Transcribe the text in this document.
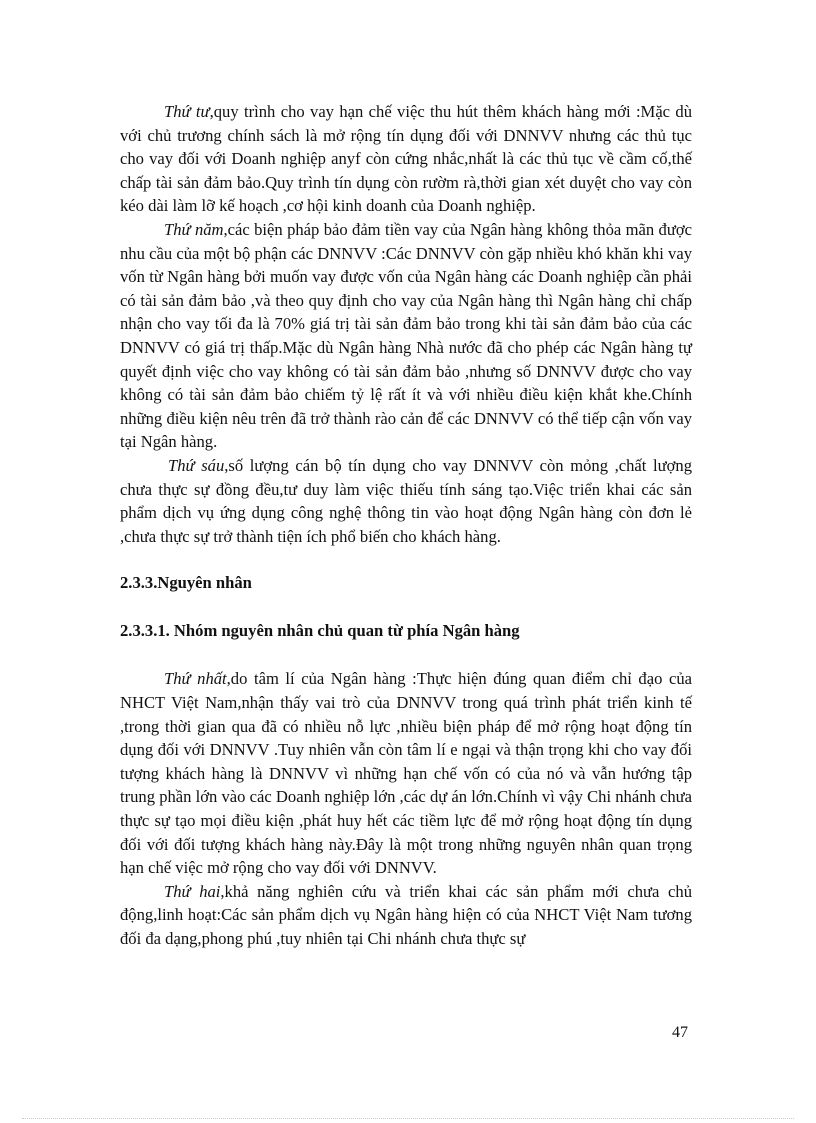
Thứ tư,quy trình cho vay hạn chế việc thu hút thêm khách hàng mới :Mặc dù với chủ trương chính sách là mở rộng tín dụng đối với DNNVV nhưng các thủ tục cho vay đối với Doanh nghiệp anyf còn cứng nhắc,nhất là các thủ tục về cầm cố,thế chấp tài sản đảm bảo.Quy trình tín dụng còn rườm rà,thời gian xét duyệt cho vay còn kéo dài làm lỡ kế hoạch ,cơ hội kinh doanh của Doanh nghiệp.

Thứ năm,các biện pháp bảo đảm tiền vay của Ngân hàng không thỏa mãn được nhu cầu của một bộ phận các DNNVV :Các DNNVV còn gặp nhiều khó khăn khi vay vốn từ Ngân hàng bởi muốn vay được vốn của Ngân hàng các Doanh nghiệp cần phải có tài sản đảm bảo ,và theo quy định cho vay của Ngân hàng thì Ngân hàng chỉ chấp nhận cho vay tối đa là 70% giá trị tài sản đảm bảo trong khi tài sản đảm bảo của các DNNVV có giá trị thấp.Mặc dù Ngân hàng Nhà nước đã cho phép các Ngân hàng tự quyết định việc cho vay không có tài sản đảm bảo ,nhưng số DNNVV được cho vay không có tài sản đảm bảo chiếm tỷ lệ rất ít và với nhiều điều kiện khắt khe.Chính những điều kiện nêu trên đã trở thành rào cản để các DNNVV có thể tiếp cận vốn vay tại Ngân hàng.

Thứ sáu,số lượng cán bộ tín dụng cho vay DNNVV còn mỏng ,chất lượng chưa thực sự đồng đều,tư duy làm việc thiếu tính sáng tạo.Việc triển khai các sản phẩm dịch vụ ứng dụng công nghệ thông tin vào hoạt động Ngân hàng còn đơn lẻ ,chưa thực sự trở thành tiện ích phổ biến cho khách hàng.

2.3.3.Nguyên nhân
2.3.3.1. Nhóm nguyên nhân chủ quan từ phía Ngân hàng

Thứ nhất,do tâm lí của Ngân hàng :Thực hiện đúng quan điểm chỉ đạo của NHCT Việt Nam,nhận thấy vai trò của DNNVV trong quá trình phát triển kinh tế ,trong thời gian qua đã có nhiều nỗ lực ,nhiều biện pháp để mở rộng hoạt động tín dụng đối với DNNVV .Tuy nhiên vẫn còn tâm lí e ngại và thận trọng khi cho vay đối tượng khách hàng là DNNVV vì những hạn chế vốn có của nó và vẫn hướng tập trung phần lớn vào các Doanh nghiệp lớn ,các dự án lớn.Chính vì vậy Chi nhánh chưa thực sự tạo mọi điều kiện ,phát huy hết các tiềm lực để mở rộng hoạt động tín dụng đối với đối tượng khách hàng này.Đây là một trong những nguyên nhân quan trọng hạn chế việc mở rộng cho vay đối với DNNVV.

Thứ hai,khả năng nghiên cứu và triển khai các sản phẩm mới chưa chủ động,linh hoạt:Các sản phẩm dịch vụ Ngân hàng hiện có của NHCT Việt Nam tương đối đa dạng,phong phú ,tuy nhiên tại Chi nhánh chưa thực sự

47
